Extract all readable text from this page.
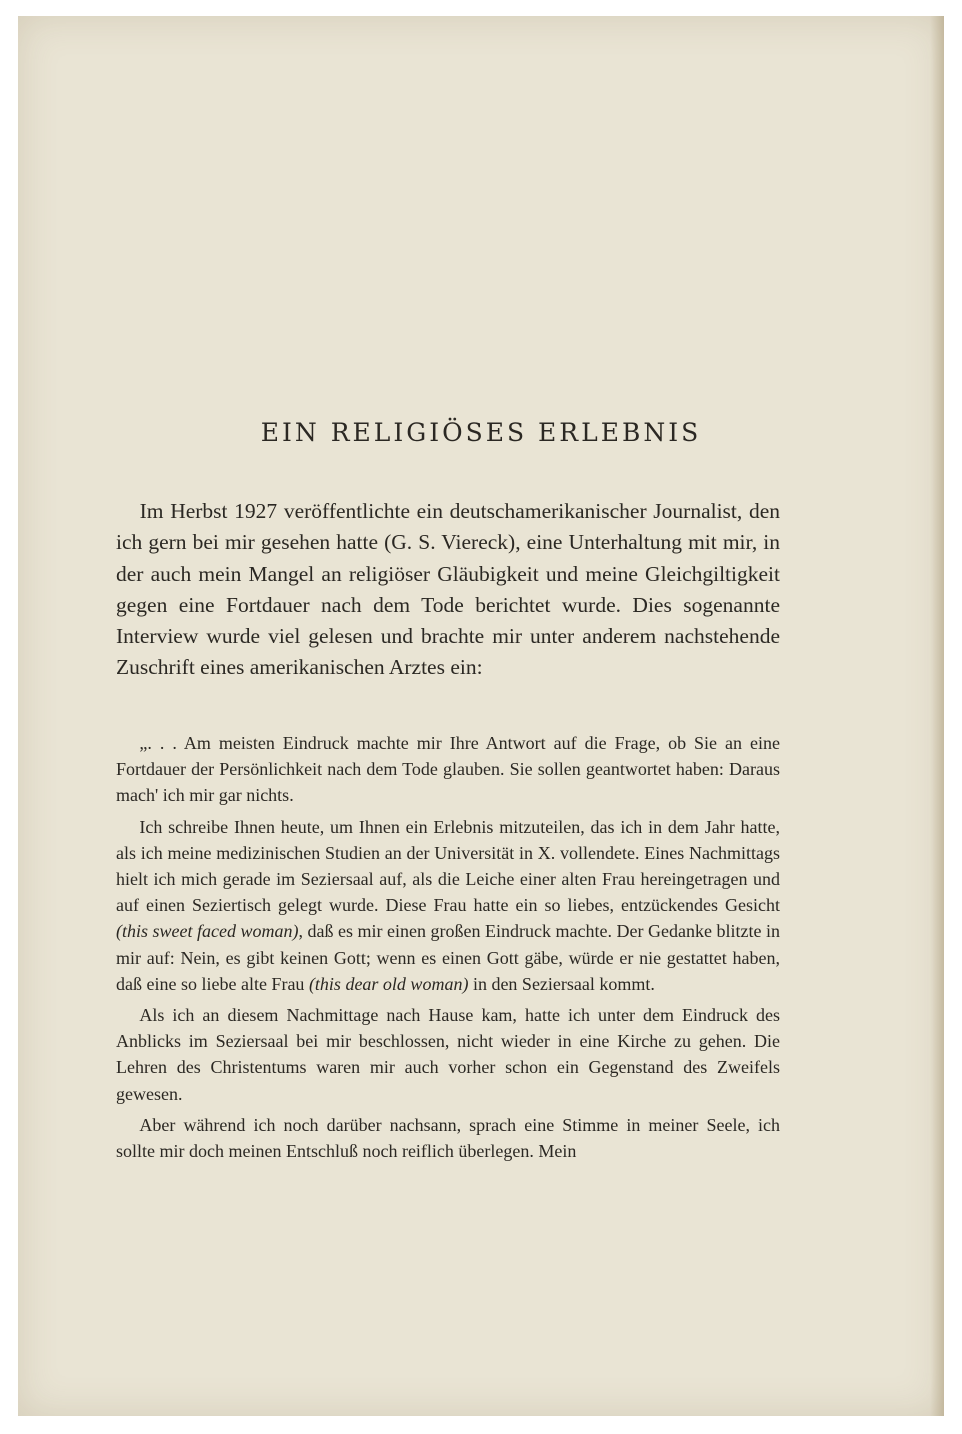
EIN RELIGIÖSES ERLEBNIS

Im Herbst 1927 veröffentlichte ein deutschamerikanischer Journalist, den ich gern bei mir gesehen hatte (G. S. Viereck), eine Unterhaltung mit mir, in der auch mein Mangel an religiöser Gläubigkeit und meine Gleichgiltigkeit gegen eine Fortdauer nach dem Tode berichtet wurde. Dies sogenannte Interview wurde viel gelesen und brachte mir unter anderem nachstehende Zuschrift eines amerikanischen Arztes ein:

„. . . Am meisten Eindruck machte mir Ihre Antwort auf die Frage, ob Sie an eine Fortdauer der Persönlichkeit nach dem Tode glauben. Sie sollen geantwortet haben: Daraus mach' ich mir gar nichts.

Ich schreibe Ihnen heute, um Ihnen ein Erlebnis mitzuteilen, das ich in dem Jahr hatte, als ich meine medizinischen Studien an der Universität in X. vollendete. Eines Nachmittags hielt ich mich gerade im Seziersaal auf, als die Leiche einer alten Frau hereingetragen und auf einen Seziertisch gelegt wurde. Diese Frau hatte ein so liebes, entzückendes Gesicht (this sweet faced woman), daß es mir einen großen Eindruck machte. Der Gedanke blitzte in mir auf: Nein, es gibt keinen Gott; wenn es einen Gott gäbe, würde er nie gestattet haben, daß eine so liebe alte Frau (this dear old woman) in den Seziersaal kommt.

Als ich an diesem Nachmittage nach Hause kam, hatte ich unter dem Eindruck des Anblicks im Seziersaal bei mir beschlossen, nicht wieder in eine Kirche zu gehen. Die Lehren des Christentums waren mir auch vorher schon ein Gegenstand des Zweifels gewesen.

Aber während ich noch darüber nachsann, sprach eine Stimme in meiner Seele, ich sollte mir doch meinen Entschluß noch reiflich überlegen. Mein
